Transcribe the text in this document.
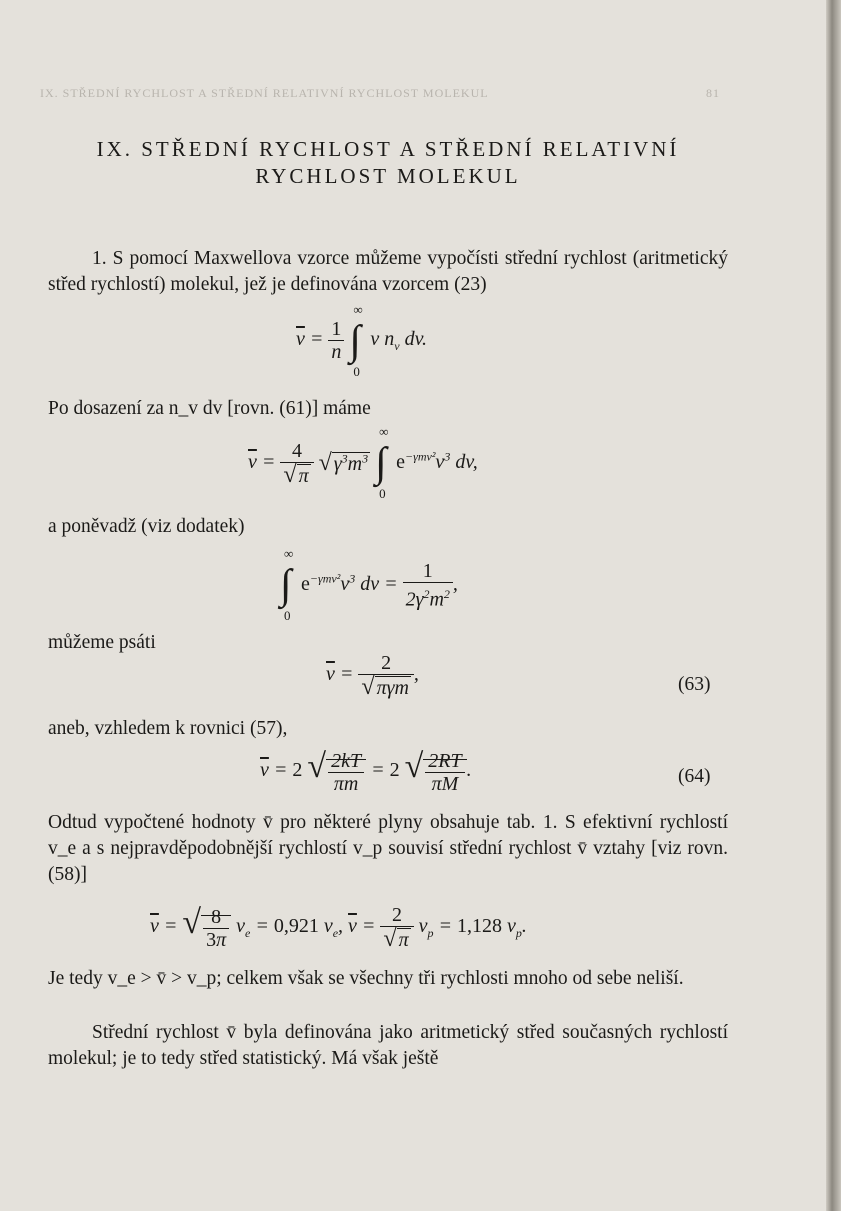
IX. STŘEDNÍ RYCHLOST A STŘEDNÍ RELATIVNÍ RYCHLOST MOLEKUL	81
IX. STŘEDNÍ RYCHLOST A STŘEDNÍ RELATIVNÍ
RYCHLOST MOLEKUL

1. S pomocí Maxwellova vzorce můžeme vypočísti střední rychlost (aritmetický střed rychlostí) molekul, jež je definována vzorcem (23)

$\overline{v} = \frac{1}{n}$

∞
∫
0
v $n_v$ dv.

Po dosazení za n_v dv [rovn. (61)] máme

$\overline{v} = \frac{4}{√ \pi}$ √ $\gamma^3m^3$
∞
∫
0
$e^{-\gamma mv^2}v^3$ dv,

a poněvadž (viz dodatek)

∞
∫
0
$e^{-\gamma mv^2}v^3$ dv = $\frac{1}{2\gamma^2m^2}$ ,

můžeme psáti

$\overline{v} = \frac{2}{\text{√ πγm}}$ ,	(63)

aneb, vzhledem k rovnici (57),

$\overline{v} = 2$ √ $\frac{2kT}{\pi m} = 2$ √ $\frac{2RT}{\pi M}$ .	(64)

Odtud vypočtené hodnoty v̄ pro některé plyny obsahuje tab. 1. S efektivní rychlostí v_e a s nejpravděpodobnější rychlostí v_p souvisí střední rychlost v̄ vztahy [viz rovn. (58)]

$\overline{v}$ = √ $\frac{8}{3\pi} v_e = 0,921$ $v_e$, $\overline{v} = \frac{2}{√ \pi} v_p = 1,128$ $v_p$.

Je tedy v_e > v̄ > v_p; celkem však se všechny tři rychlosti mnoho od sebe neliší.

Střední rychlost v̄ byla definována jako aritmetický střed současných rychlostí molekul; je to tedy střed statistický. Má však ještě
